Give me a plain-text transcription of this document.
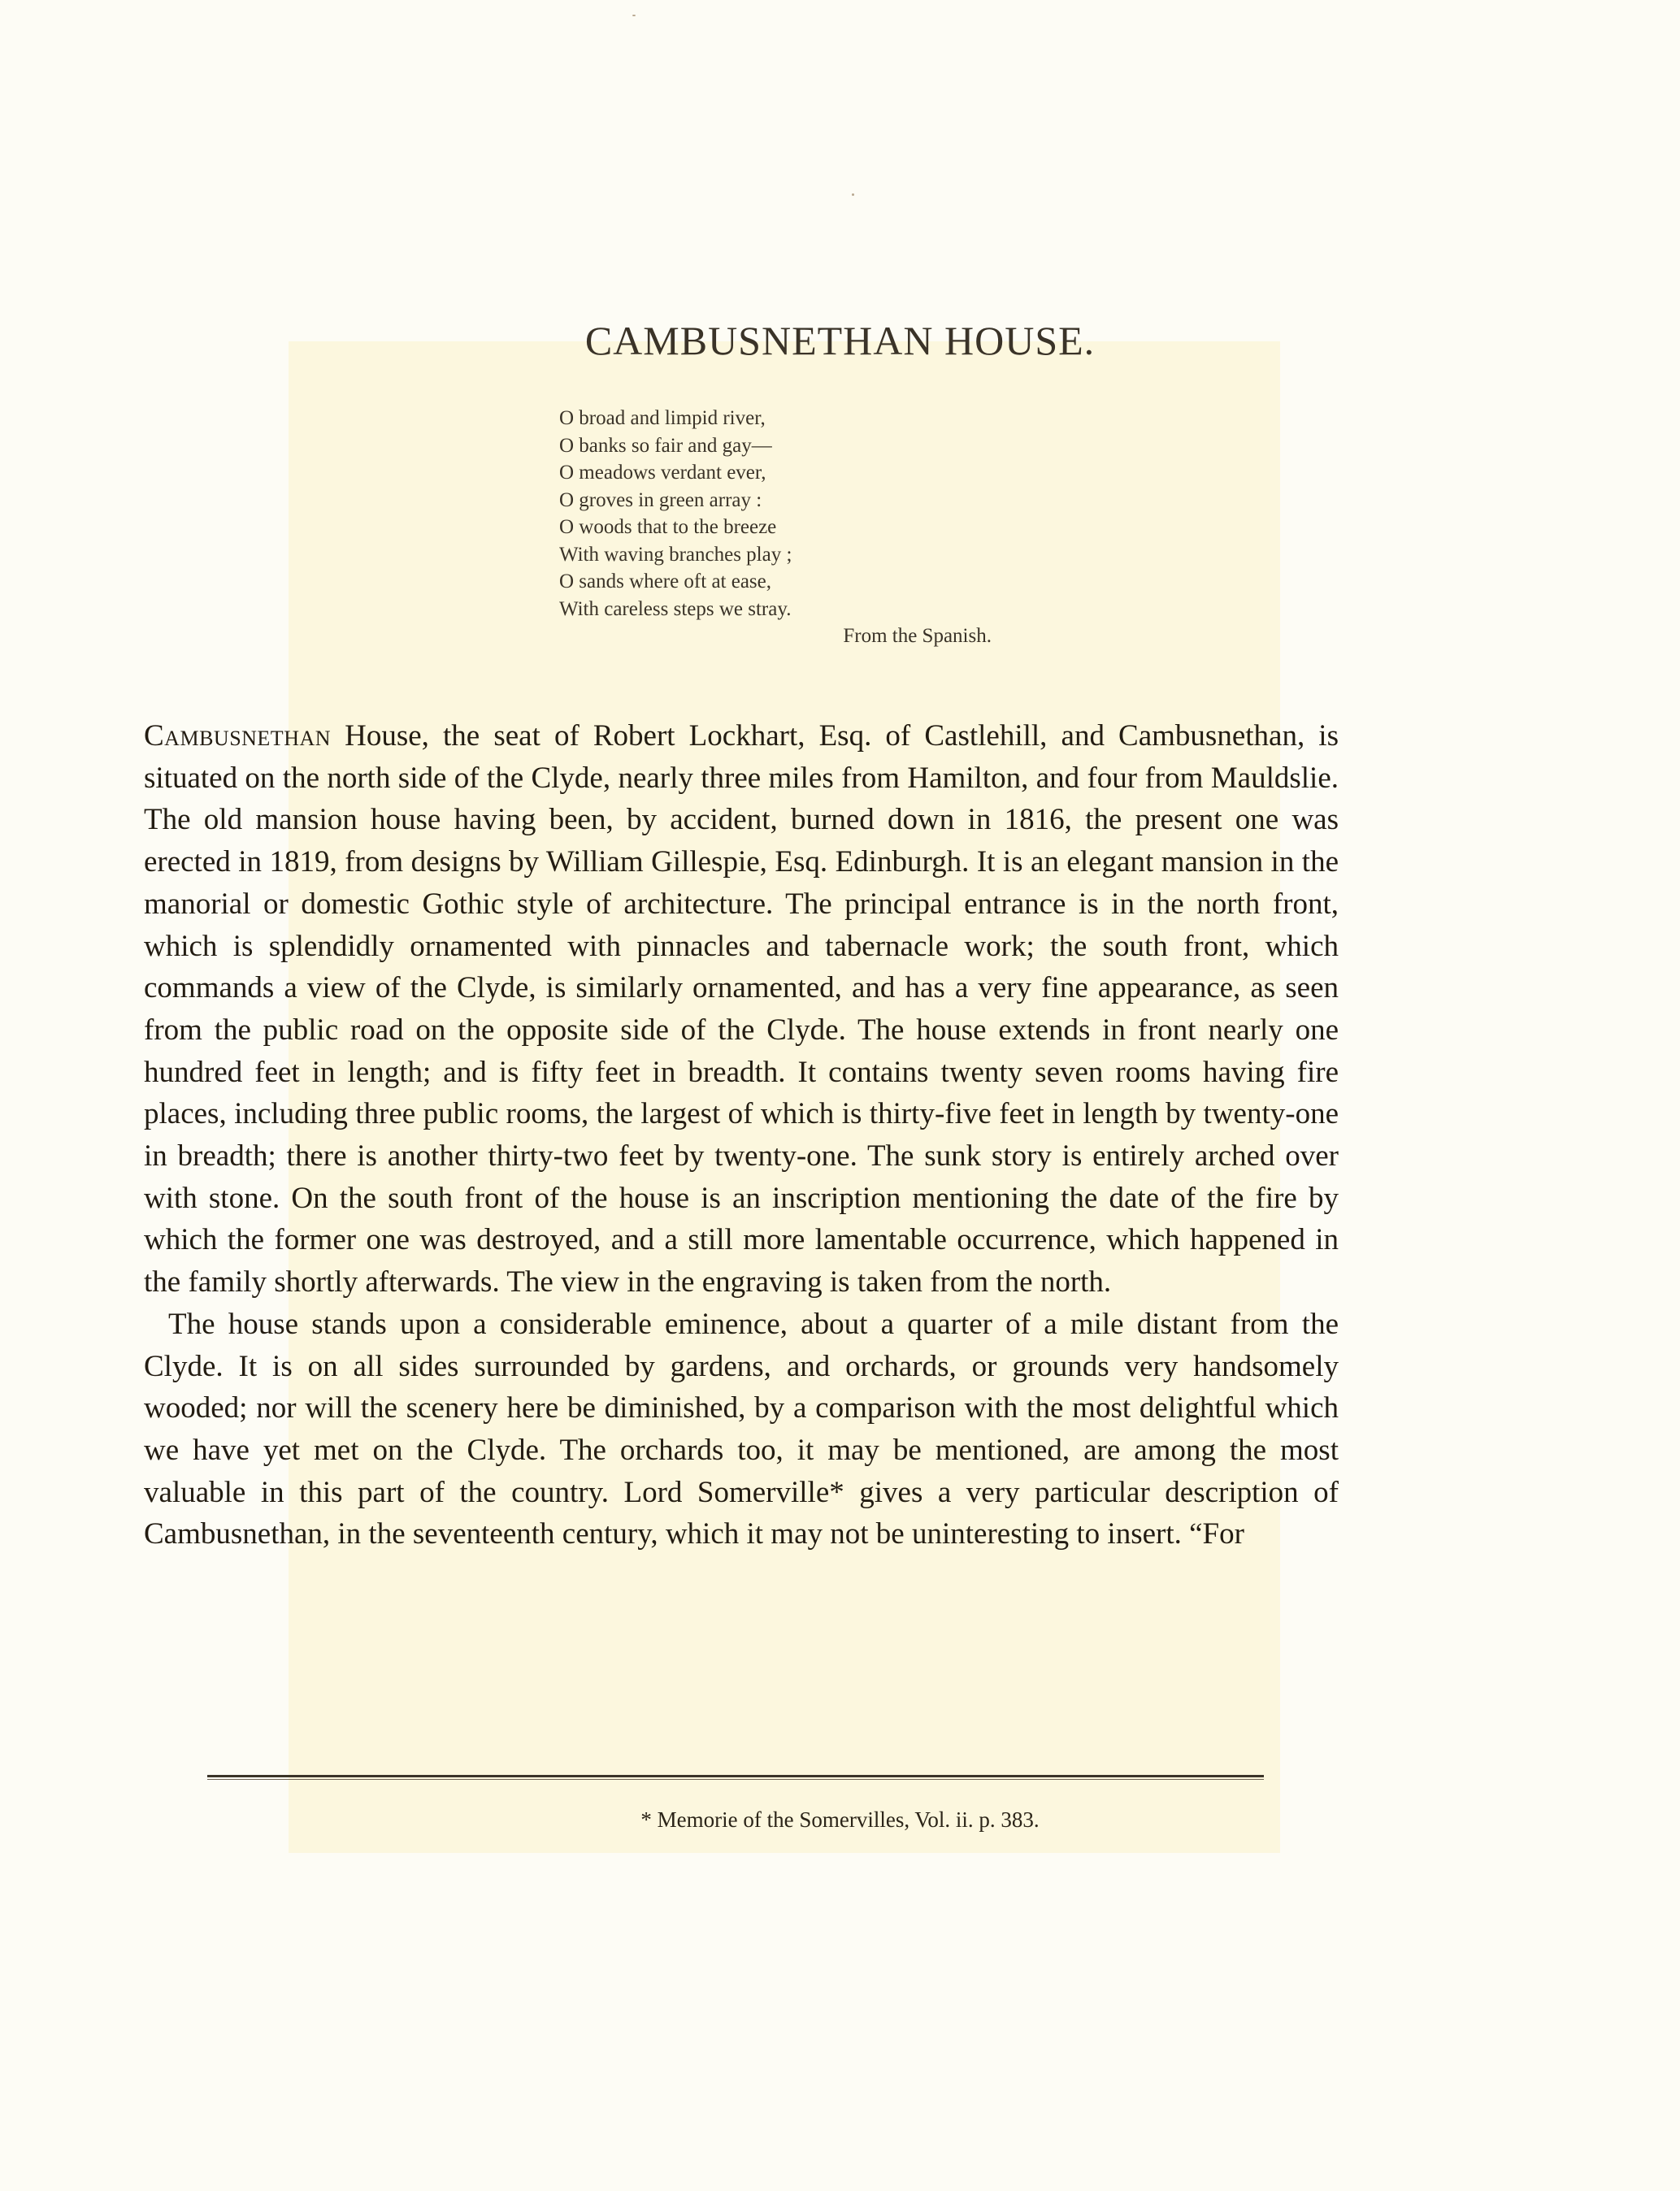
CAMBUSNETHAN HOUSE.
O broad and limpid river,
O banks so fair and gay—
O meadows verdant ever,
O groves in green array :
O woods that to the breeze
With waving branches play ;
O sands where oft at ease,
With careless steps we stray.
From the Spanish.

Cambusnethan House, the seat of Robert Lockhart, Esq. of Castlehill, and Cambusnethan, is situated on the north side of the Clyde, nearly three miles from Hamilton, and four from Mauldslie. The old mansion house having been, by accident, burned down in 1816, the present one was erected in 1819, from designs by William Gillespie, Esq. Edinburgh. It is an elegant mansion in the manorial or domestic Gothic style of architecture. The principal entrance is in the north front, which is splendidly ornamented with pinnacles and tabernacle work; the south front, which commands a view of the Clyde, is similarly ornamented, and has a very fine appearance, as seen from the public road on the opposite side of the Clyde. The house extends in front nearly one hundred feet in length; and is fifty feet in breadth. It contains twenty seven rooms having fire places, including three public rooms, the largest of which is thirty-five feet in length by twenty-one in breadth; there is another thirty-two feet by twenty-one. The sunk story is entirely arched over with stone. On the south front of the house is an inscription mentioning the date of the fire by which the former one was destroyed, and a still more lamentable occurrence, which happened in the family shortly afterwards. The view in the engraving is taken from the north.

The house stands upon a considerable eminence, about a quarter of a mile distant from the Clyde. It is on all sides surrounded by gardens, and orchards, or grounds very handsomely wooded; nor will the scenery here be diminished, by a comparison with the most delightful which we have yet met on the Clyde. The orchards too, it may be mentioned, are among the most valuable in this part of the country. Lord Somerville* gives a very particular description of Cambusnethan, in the seventeenth century, which it may not be uninteresting to insert. “For

* Memorie of the Somervilles, Vol. ii. p. 383.
